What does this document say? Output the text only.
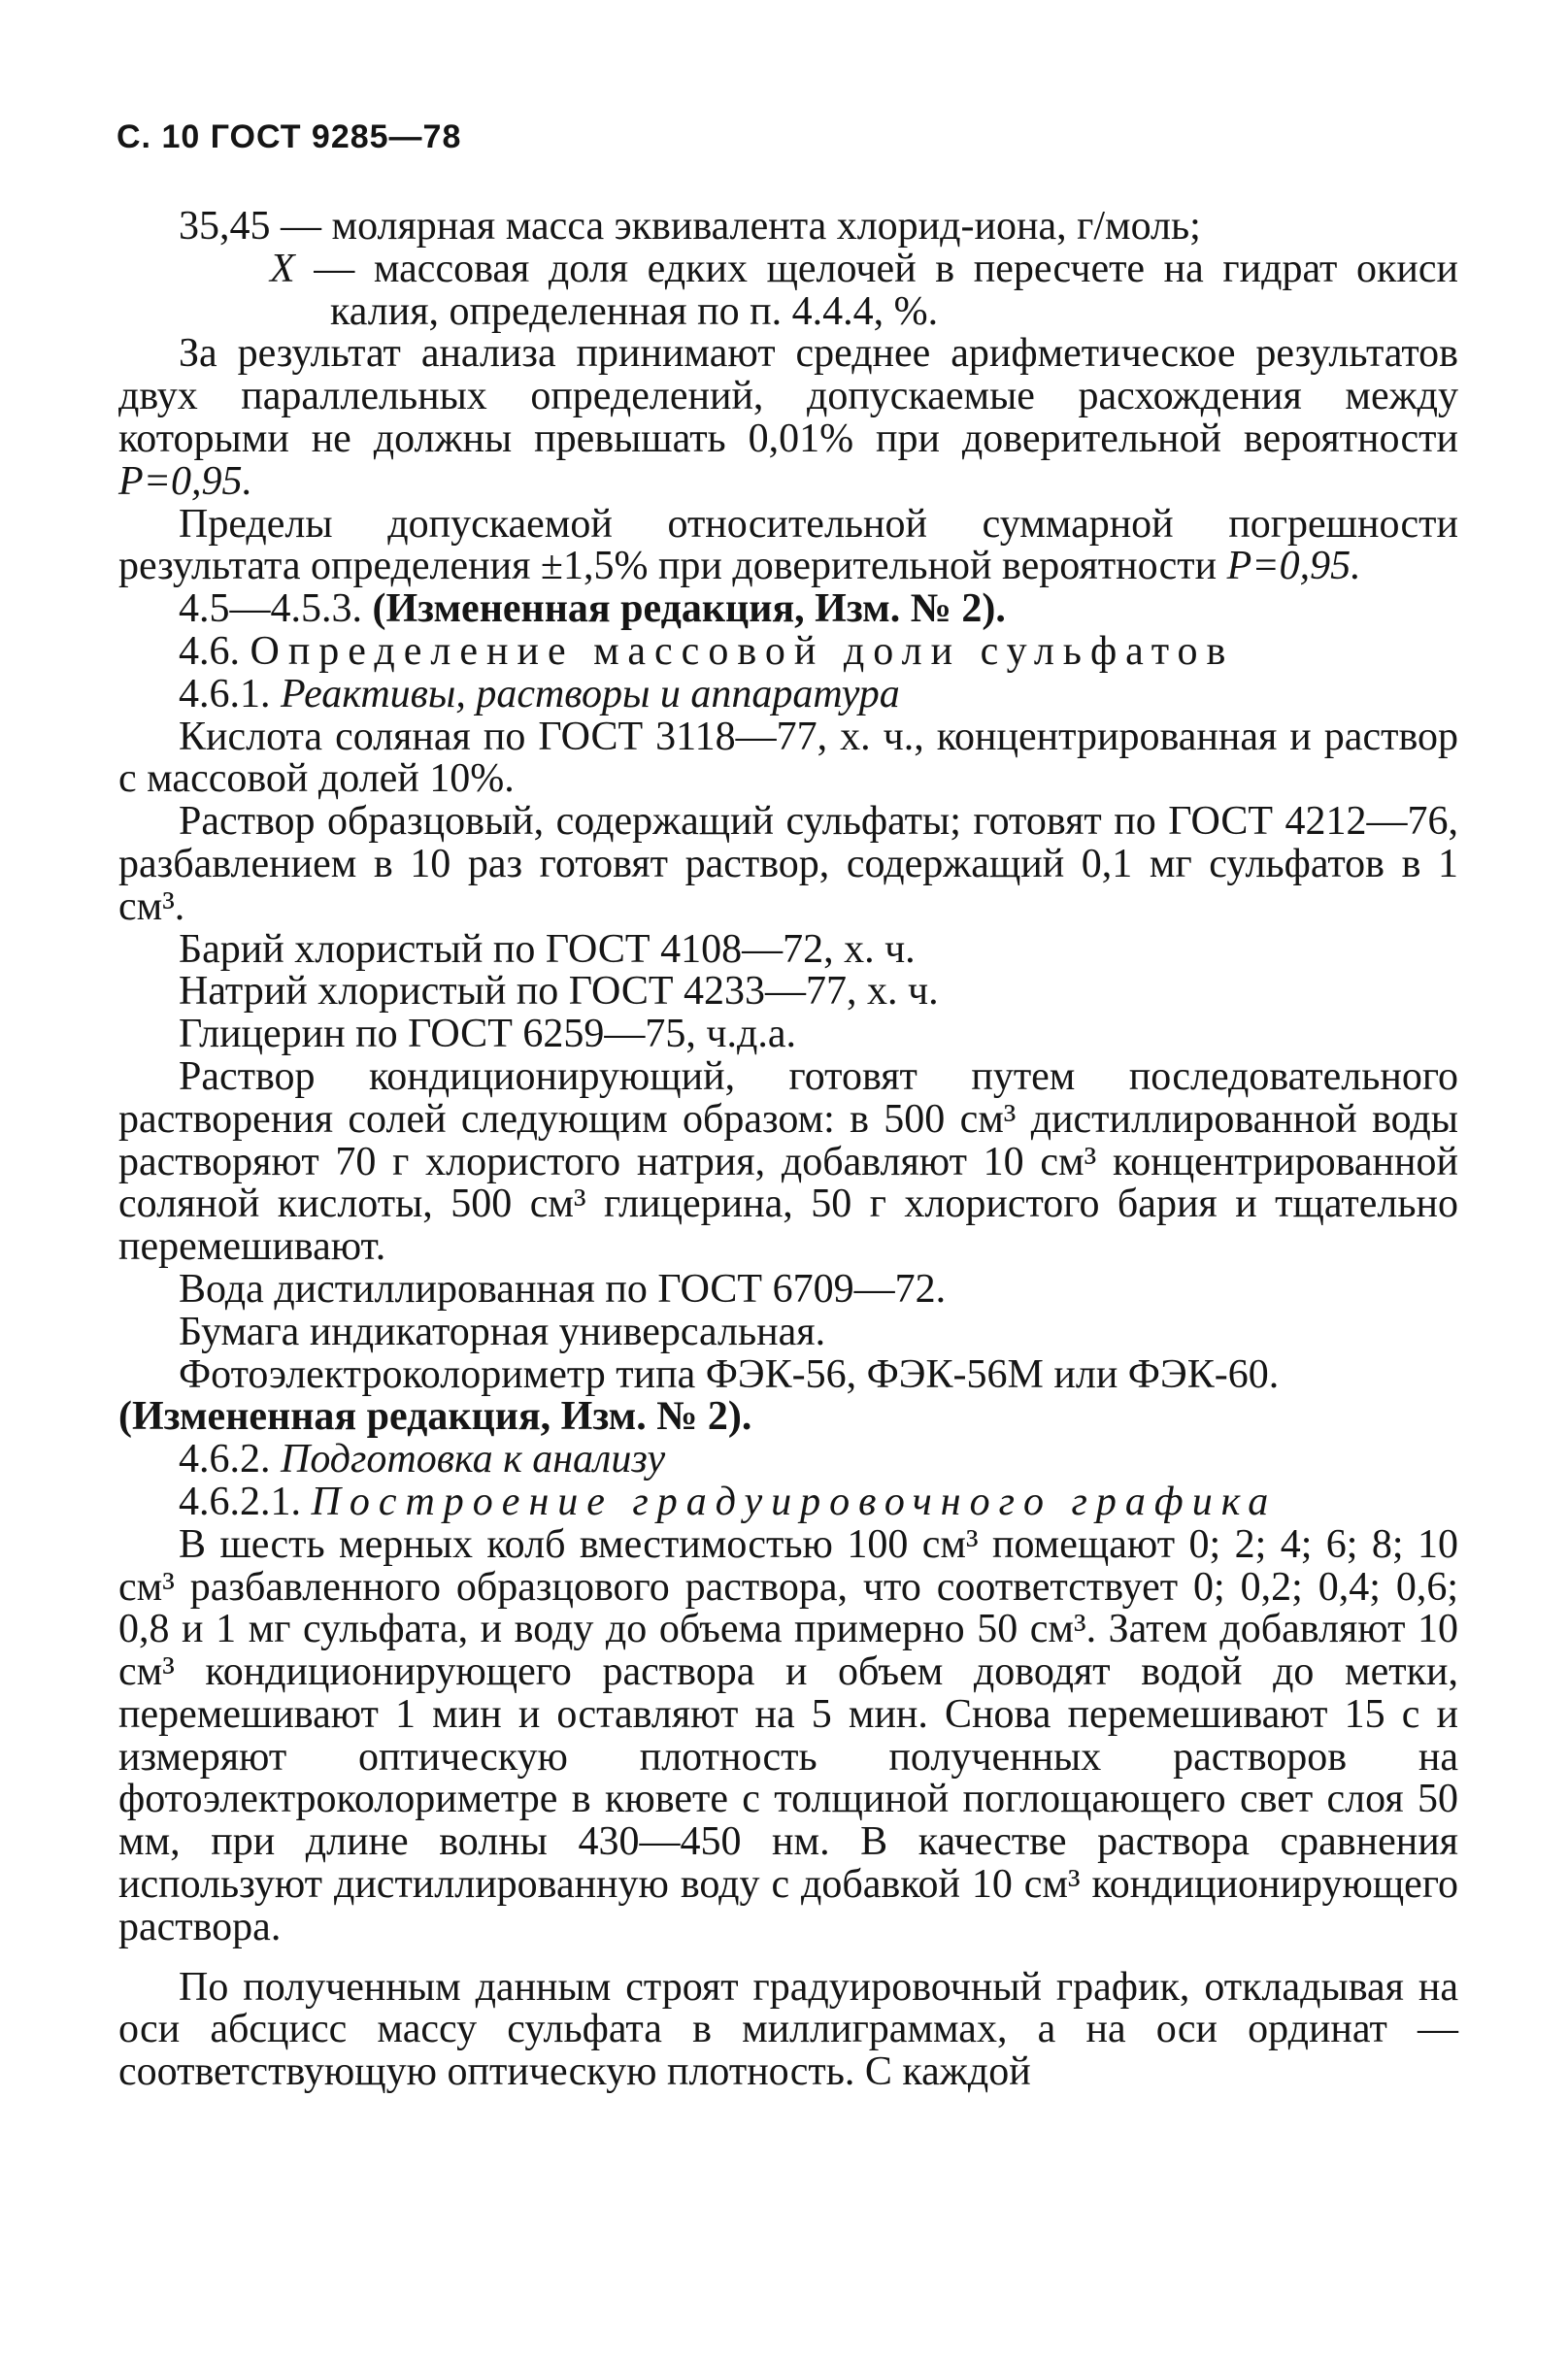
С. 10 ГОСТ 9285—78

35,45 — молярная масса эквивалента хлорид-иона, г/моль;

X — массовая доля едких щелочей в пересчете на гидрат окиси калия, определенная по п. 4.4.4, %.

За результат анализа принимают среднее арифметическое результатов двух параллельных определений, допускаемые расхождения между которыми не должны превышать 0,01% при доверительной вероятности P=0,95.

Пределы допускаемой относительной суммарной погрешности результата определения ±1,5% при доверительной вероятности P=0,95.

4.5—4.5.3. (Измененная редакция, Изм. № 2).

4.6. Определение массовой доли сульфатов

4.6.1. Реактивы, растворы и аппаратура

Кислота соляная по ГОСТ 3118—77, х. ч., концентрированная и раствор с массовой долей 10%.

Раствор образцовый, содержащий сульфаты; готовят по ГОСТ 4212—76, разбавлением в 10 раз готовят раствор, содержащий 0,1 мг сульфатов в 1 см³.

Барий хлористый по ГОСТ 4108—72, х. ч.

Натрий хлористый по ГОСТ 4233—77, х. ч.

Глицерин по ГОСТ 6259—75, ч.д.а.

Раствор кондиционирующий, готовят путем последовательного растворения солей следующим образом: в 500 см³ дистиллированной воды растворяют 70 г хлористого натрия, добавляют 10 см³ концентрированной соляной кислоты, 500 см³ глицерина, 50 г хлористого бария и тщательно перемешивают.

Вода дистиллированная по ГОСТ 6709—72.

Бумага индикаторная универсальная.

Фотоэлектроколориметр типа ФЭК-56, ФЭК-56М или ФЭК-60.

(Измененная редакция, Изм. № 2).

4.6.2. Подготовка к анализу

4.6.2.1. Построение градуировочного графика

В шесть мерных колб вместимостью 100 см³ помещают 0; 2; 4; 6; 8; 10 см³ разбавленного образцового раствора, что соответствует 0; 0,2; 0,4; 0,6; 0,8 и 1 мг сульфата, и воду до объема примерно 50 см³. Затем добавляют 10 см³ кондиционирующего раствора и объем доводят водой до метки, перемешивают 1 мин и оставляют на 5 мин. Снова перемешивают 15 с и измеряют оптическую плотность полученных растворов на фотоэлектроколориметре в кювете с толщиной поглощающего свет слоя 50 мм, при длине волны 430—450 нм. В качестве раствора сравнения используют дистиллированную воду с добавкой 10 см³ кондиционирующего раствора.

По полученным данным строят градуировочный график, откладывая на оси абсцисс массу сульфата в миллиграммах, а на оси ординат — соответствующую оптическую плотность. С каждой
